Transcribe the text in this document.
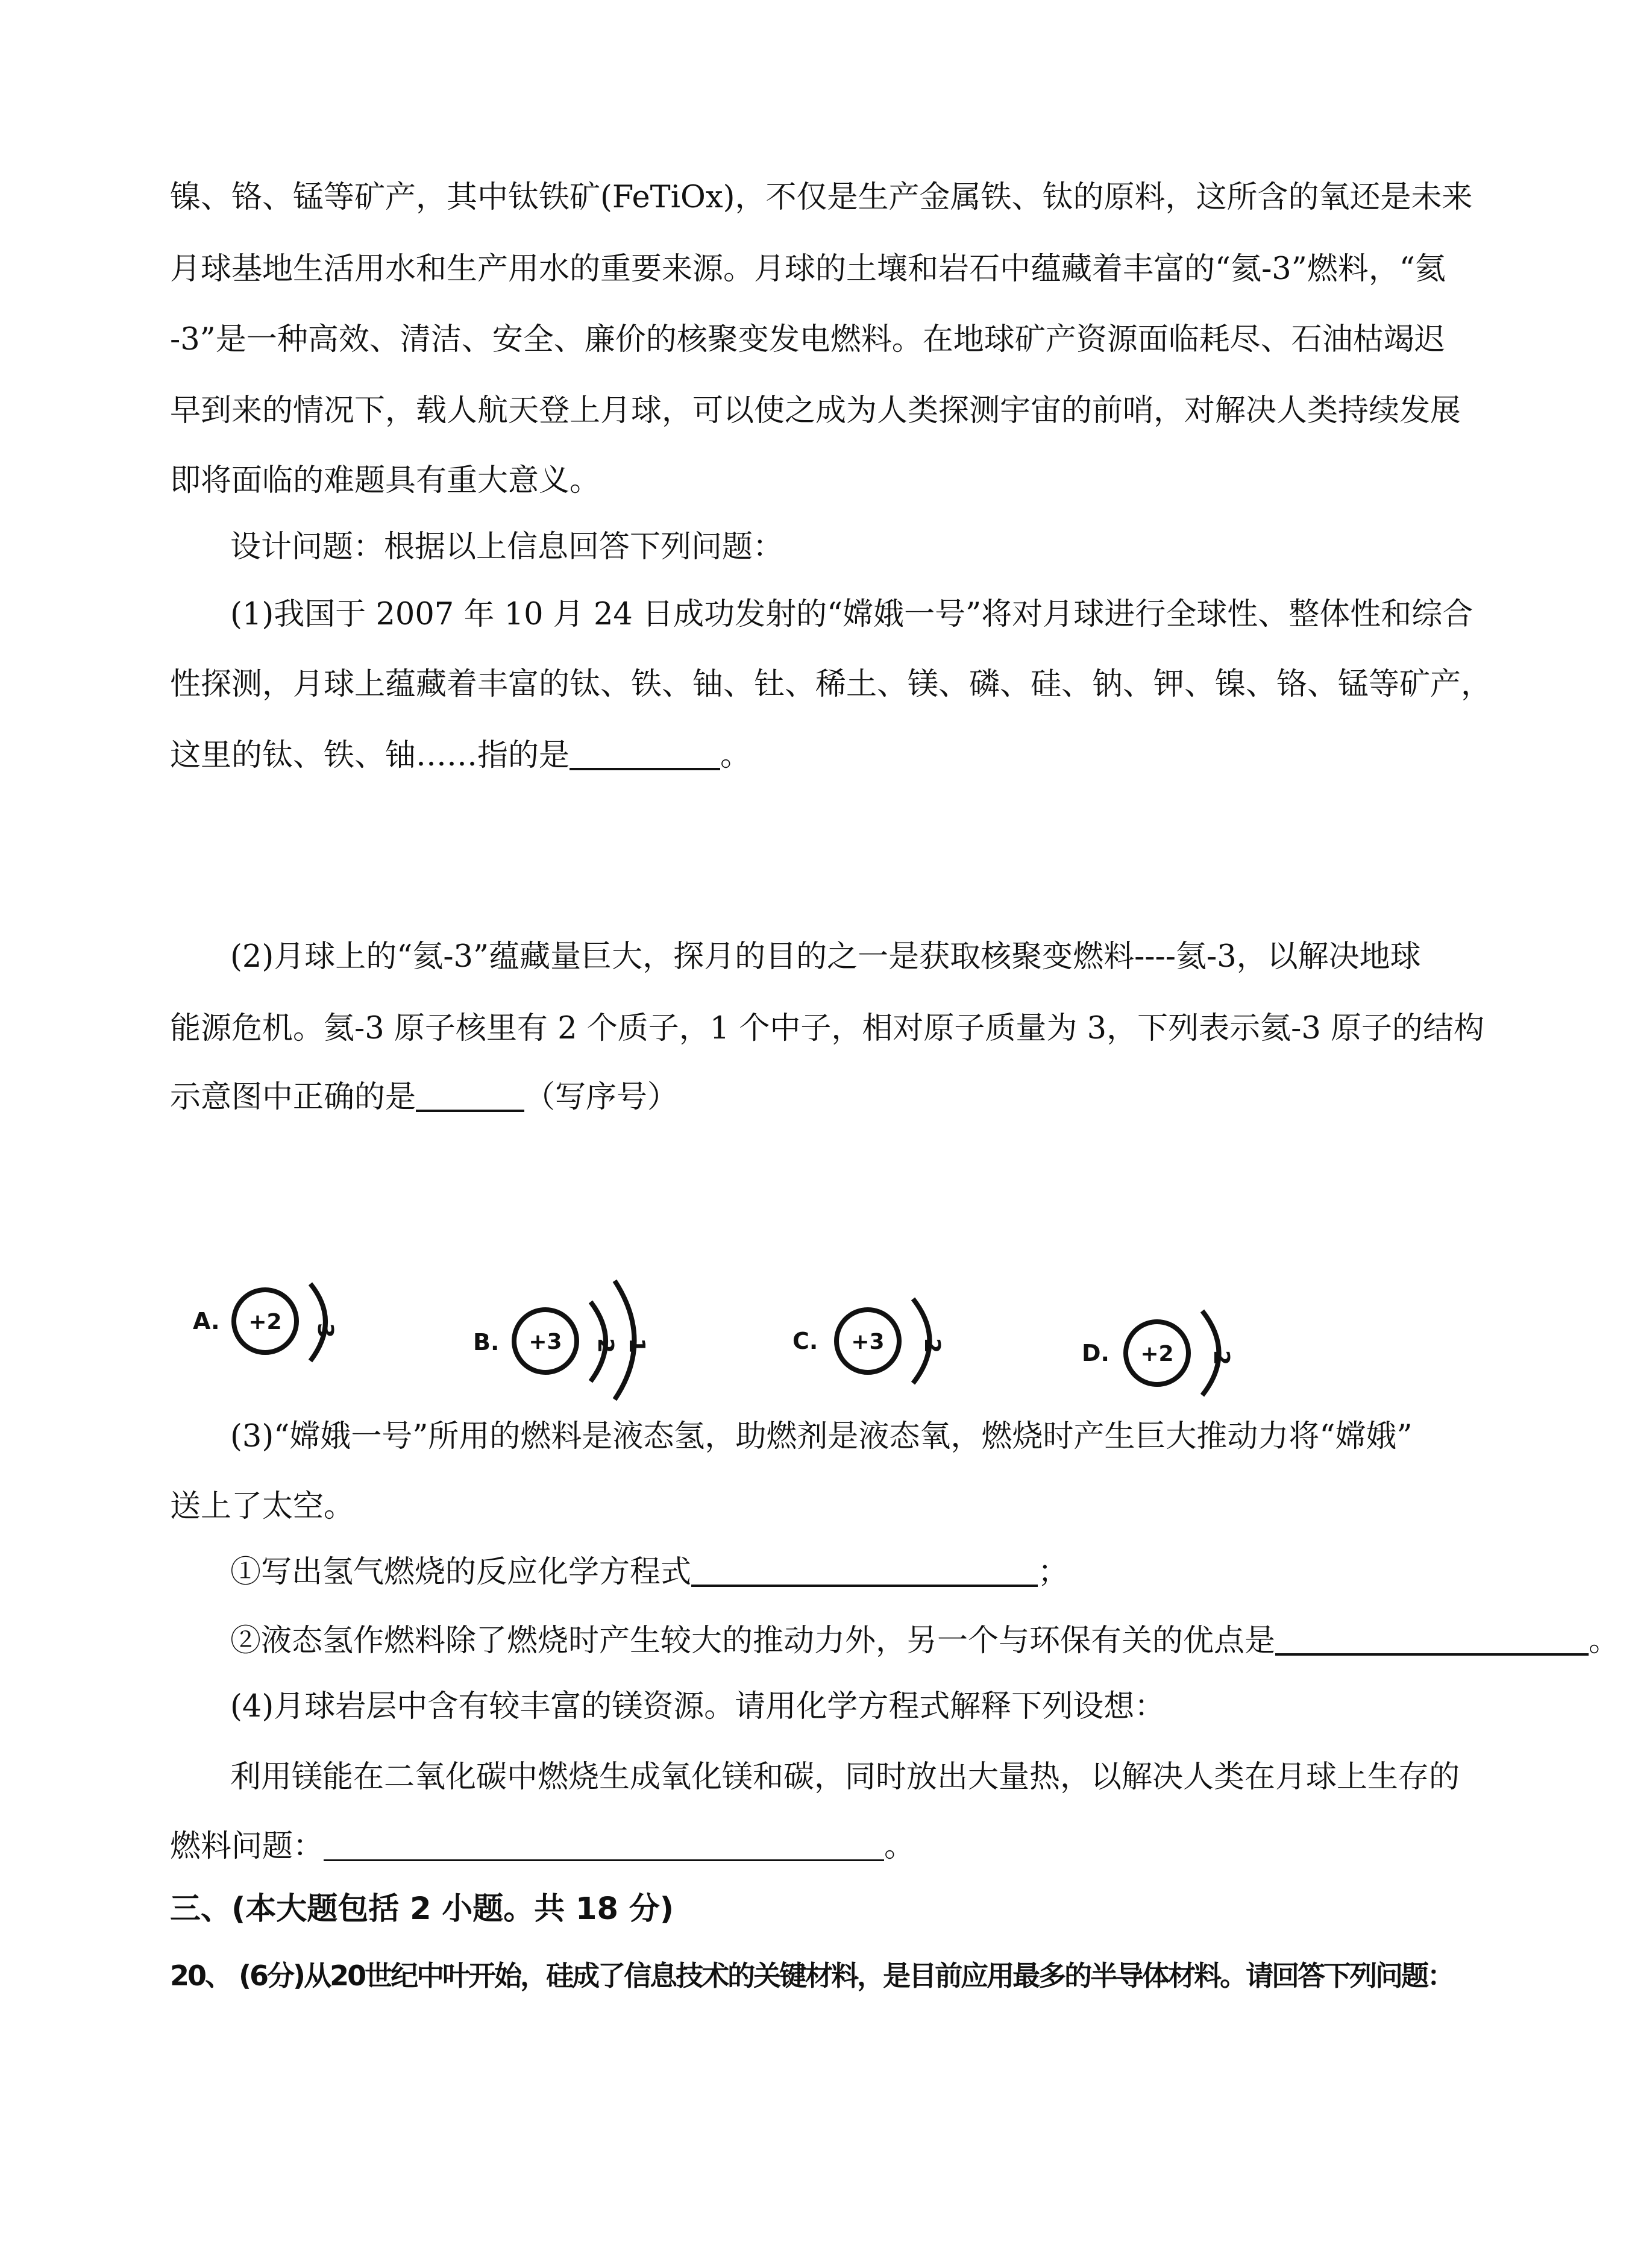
镍、铬、锰等矿产，其中钛铁矿(FeTiOx)，不仅是生产金属铁、钛的原料，这所含的氧还是未来
月球基地生活用水和生产用水的重要来源。月球的土壤和岩石中蕴藏着丰富的“氦-3”燃料，“氦
-3”是一种高效、清洁、安全、廉价的核聚变发电燃料。在地球矿产资源面临耗尽、石油枯竭迟
早到来的情况下，载人航天登上月球，可以使之成为人类探测宇宙的前哨，对解决人类持续发展
即将面临的难题具有重大意义。
设计问题：根据以上信息回答下列问题：
(1)我国于 2007 年 10 月 24 日成功发射的“嫦娥一号”将对月球进行全球性、整体性和综合
性探测，月球上蕴藏着丰富的钛、铁、铀、钍、稀土、镁、磷、硅、钠、钾、镍、铬、锰等矿产，
这里的钛、铁、铀……指的是	。
(2)月球上的“氦-3”蕴藏量巨大，探月的目的之一是获取核聚变燃料----氦-3，以解决地球
能源危机。氦-3 原子核里有 2 个质子，1 个中子，相对原子质量为 3，下列表示氦-3 原子的结构
示意图中正确的是	（写序号）
A. +2 3	B. +3 2 1	C. +3 2	D. +2 2
(3)“嫦娥一号”所用的燃料是液态氢，助燃剂是液态氧，燃烧时产生巨大推动力将“嫦娥”
送上了太空。
①写出氢气燃烧的反应化学方程式	；
②液态氢作燃料除了燃烧时产生较大的推动力外，另一个与环保有关的优点是	。
(4)月球岩层中含有较丰富的镁资源。请用化学方程式解释下列设想：
利用镁能在二氧化碳中燃烧生成氧化镁和碳，同时放出大量热，以解决人类在月球上生存的
燃料问题：	。
三、(本大题包括 2 小题。共 18 分)
20、 (6分)从20世纪中叶开始，硅成了信息技术的关键材料，是目前应用最多的半导体材料。请回答下列问题：
